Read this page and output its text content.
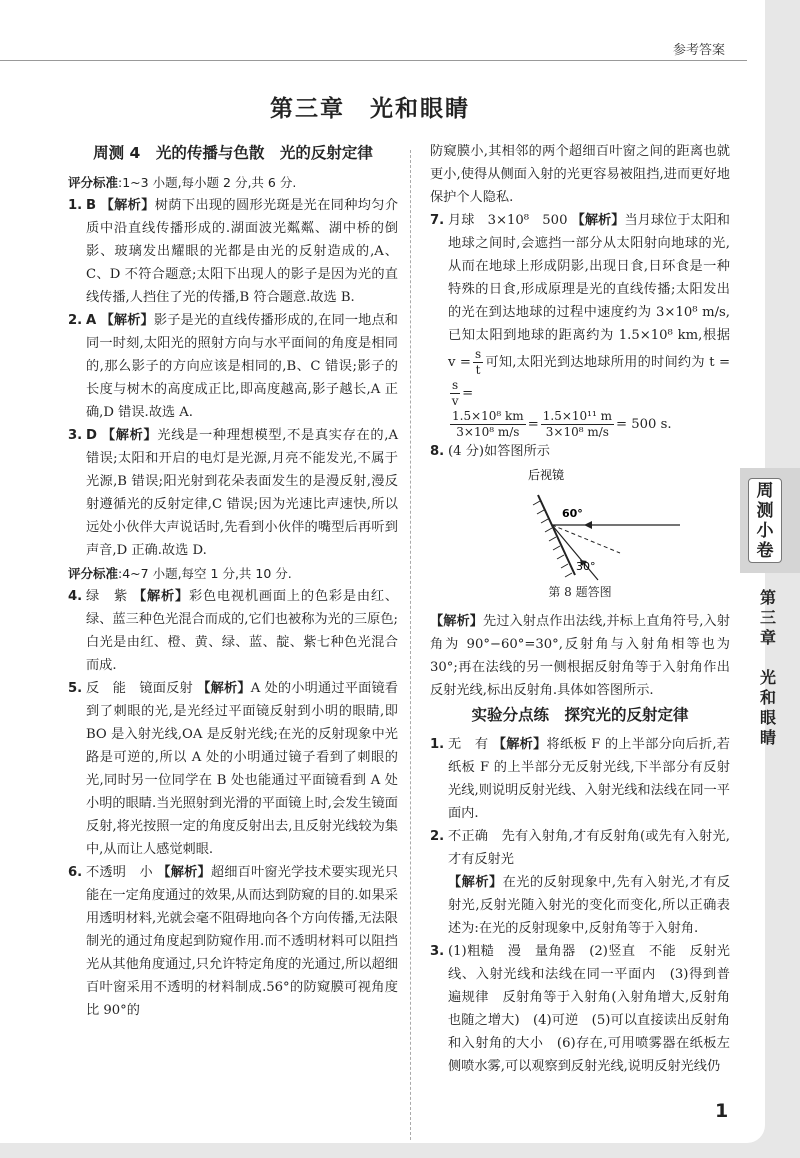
参考答案
第三章　光和眼睛
周测 4　光的传播与色散　光的反射定律
评分标准:1~3 小题,每小题 2 分,共 6 分.
1. B 【解析】树荫下出现的圆形光斑是光在同种均匀介质中沿直线传播形成的.湖面波光粼粼、湖中桥的倒影、玻璃发出耀眼的光都是由光的反射造成的,A、C、D 不符合题意;太阳下出现人的影子是因为光的直线传播,人挡住了光的传播,B 符合题意.故选 B.
2. A 【解析】影子是光的直线传播形成的,在同一地点和同一时刻,太阳光的照射方向与水平面间的角度是相同的,那么影子的方向应该是相同的,B、C 错误;影子的长度与树木的高度成正比,即高度越高,影子越长,A 正确,D 错误.故选 A.
3. D 【解析】光线是一种理想模型,不是真实存在的,A 错误;太阳和开启的电灯是光源,月亮不能发光,不属于光源,B 错误;阳光射到花朵表面发生的是漫反射,漫反射遵循光的反射定律,C 错误;因为光速比声速快,所以远处小伙伴大声说话时,先看到小伙伴的嘴型后再听到声音,D 正确.故选 D.
评分标准:4~7 小题,每空 1 分,共 10 分.
4. 绿　紫 【解析】彩色电视机画面上的色彩是由红、绿、蓝三种色光混合而成的,它们也被称为光的三原色;白光是由红、橙、黄、绿、蓝、靛、紫七种色光混合而成.
5. 反　能　镜面反射 【解析】A 处的小明通过平面镜看到了刺眼的光,是光经过平面镜反射到小明的眼睛,即 BO 是入射光线,OA 是反射光线;在光的反射现象中光路是可逆的,所以 A 处的小明通过镜子看到了刺眼的光,同时另一位同学在 B 处也能通过平面镜看到 A 处小明的眼睛.当光照射到光滑的平面镜上时,会发生镜面反射,将光按照一定的角度反射出去,且反射光线较为集中,从而让人感觉刺眼.
6. 不透明　小 【解析】超细百叶窗光学技术要实现光只能在一定角度通过的效果,从而达到防窥的目的.如果采用透明材料,光就会毫不阻碍地向各个方向传播,无法限制光的通过角度起到防窥作用.而不透明材料可以阻挡光从其他角度通过,只允许特定角度的光通过,所以超细百叶窗采用不透明的材料制成.56°的防窥膜可视角度比 90°的
防窥膜小,其相邻的两个超细百叶窗之间的距离也就更小,使得从侧面入射的光更容易被阻挡,进而更好地保护个人隐私.
7. 月球　3×10⁸　500 【解析】当月球位于太阳和地球之间时,会遮挡一部分从太阳射向地球的光,从而在地球上形成阴影,出现日食,日环食是一种特殊的日食,形成原理是光的直线传播;太阳发出的光在到达地球的过程中速度约为 3×10⁸ m/s,已知太阳到地球的距离约为 1.5×10⁸ km,根据 $v = \frac{s}{t}$ 可知,太阳光到达地球所用的时间约为 t =
$\frac{s}{v}$ =

$\frac{\text{1.5×10⁸ km}}{\text{3×10⁸ m/s}} = \frac{\text{1.5×10¹¹ m}}{\text{3×10⁸ m/s}} = 500$ s.
8. (4 分)如答图所示
后视镜
60°
30°
第 8 题答图
【解析】先过入射点作出法线,并标上直角符号,入射角为 90°−60°=30°,反射角与入射角相等也为 30°;再在法线的另一侧根据反射角等于入射角作出反射光线,标出反射角.具体如答图所示.
实验分点练　探究光的反射定律
1. 无　有 【解析】将纸板 F 的上半部分向后折,若纸板 F 的上半部分无反射光线,下半部分有反射光线,则说明反射光线、入射光线和法线在同一平面内.
2. 不正确　先有入射角,才有反射角(或先有入射光,才有反射光
【解析】在光的反射现象中,先有入射光,才有反射光,反射光随入射光的变化而变化,所以正确表述为:在光的反射现象中,反射角等于入射角.
3. (1)粗糙　漫　量角器　(2)竖直　不能　反射光线、入射光线和法线在同一平面内　(3)得到普遍规律　反射角等于入射角(入射角增大,反射角也随之增大)　(4)可逆　(5)可以直接读出反射角和入射角的大小　(6)存在,可用喷雾器在纸板左侧喷水雾,可以观察到反射光线,说明反射光线仍
1
周
测
小
卷
第
三
章
光
和
眼
睛
